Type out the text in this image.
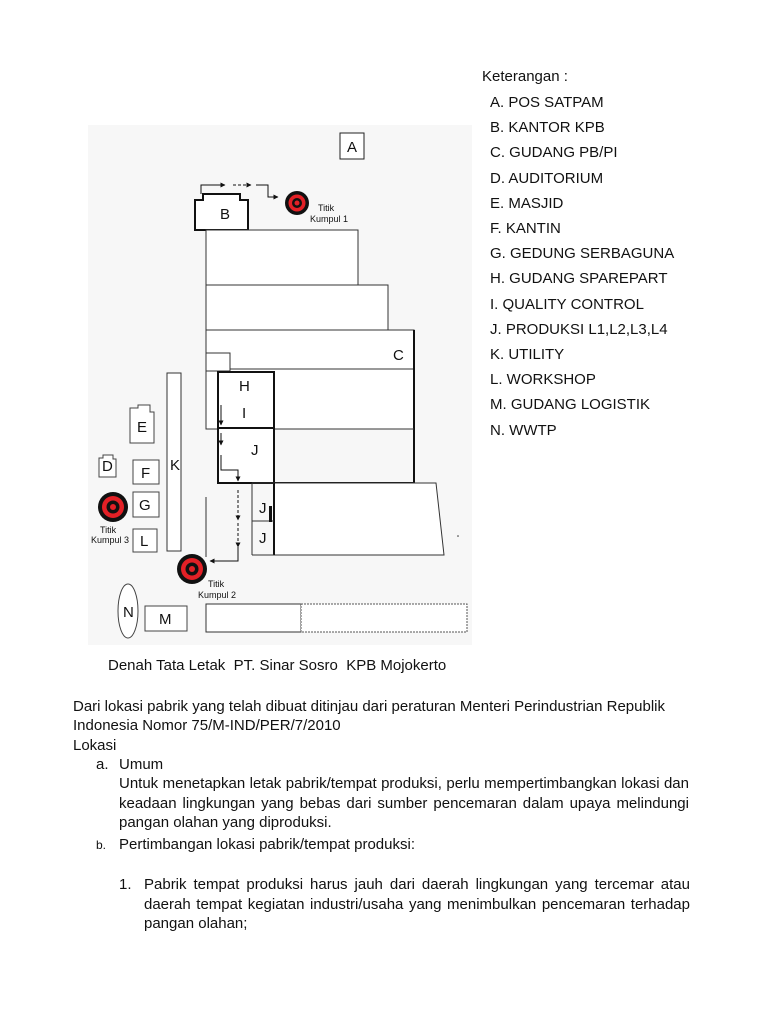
A
B	Titik
Kumpul 1
C
H
I
J
J
J
K
E
D F
G
L
Titik
Kumpul 3
Titik
Kumpul 2
N M
Keterangan :
A. POS SATPAM
B. KANTOR KPB
C. GUDANG PB/PI
D. AUDITORIUM
E. MASJID
F. KANTIN
G. GEDUNG SERBAGUNA
H. GUDANG SPAREPART
I. QUALITY CONTROL
J. PRODUKSI L1,L2,L3,L4
K. UTILITY
L. WORKSHOP
M. GUDANG LOGISTIK
N. WWTP
Denah Tata Letak  PT. Sinar Sosro  KPB Mojokerto
Dari lokasi pabrik yang telah dibuat ditinjau dari peraturan Menteri Perindustrian Republik Indonesia Nomor 75/M-IND/PER/7/2010
Lokasi
a. Umum
Untuk menetapkan letak pabrik/tempat produksi, perlu mempertimbangkan lokasi dan keadaan lingkungan yang bebas dari sumber pencemaran dalam upaya melindungi pangan olahan yang diproduksi.
b. Pertimbangan lokasi pabrik/tempat produksi:
1. Pabrik tempat produksi harus jauh dari daerah lingkungan yang tercemar atau daerah tempat kegiatan industri/usaha yang menimbulkan pencemaran terhadap pangan olahan;
